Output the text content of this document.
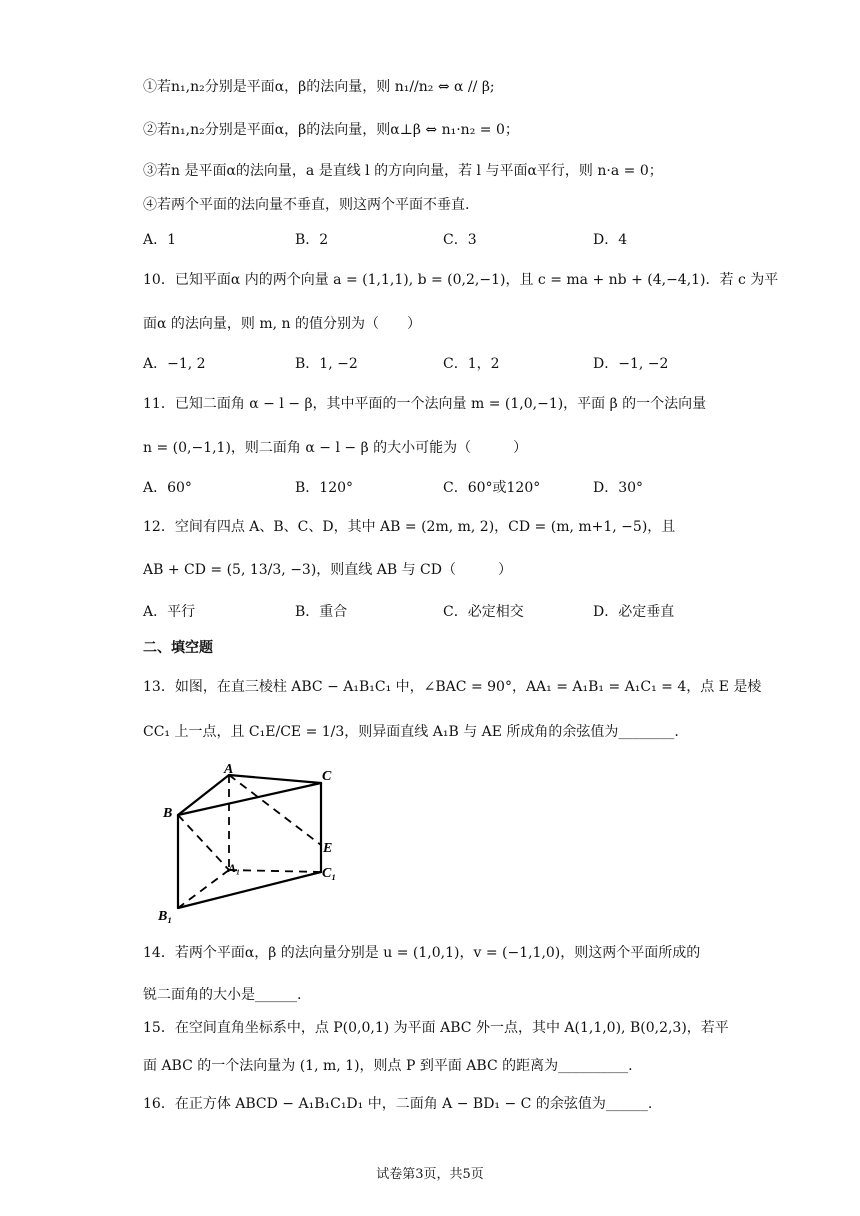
①若n₁,n₂分别是平面α，β的法向量，则 n₁//n₂ ⇔ α // β;
②若n₁,n₂分别是平面α，β的法向量，则α⊥β ⇔ n₁·n₂ = 0；
③若n 是平面α的法向量，a 是直线 l 的方向向量，若 l 与平面α平行，则 n·a = 0；
④若两个平面的法向量不垂直，则这两个平面不垂直.
A．1	B．2	C．3	D．4
10．已知平面α 内的两个向量 a = (1,1,1), b = (0,2,−1)，且 c = ma + nb + (4,−4,1)．若 c 为平
面α 的法向量，则 m, n 的值分别为（　　）
A．−1, 2	B．1, −2	C．1，2	D．−1, −2
11．已知二面角 α − l − β，其中平面的一个法向量 m = (1,0,−1)，平面 β 的一个法向量
n = (0,−1,1)，则二面角 α − l − β 的大小可能为（　　　）
A．60°	B．120°	C．60°或120°	D．30°
12．空间有四点 A、B、C、D，其中 AB = (2m, m, 2)，CD = (m, m+1, −5)，且
AB + CD = (5, 13/3, −3)，则直线 AB 与 CD（　　　）
A．平行	B．重合	C．必定相交	D．必定垂直
二、填空题
13．如图，在直三棱柱 ABC − A₁B₁C₁ 中，∠BAC = 90°，AA₁ = A₁B₁ = A₁C₁ = 4，点 E 是棱
CC₁ 上一点，且 C₁E/CE = 1/3，则异面直线 A₁B 与 AE 所成角的余弦值为________.
A
B
C
E
A₁
B₁
C₁
14．若两个平面α，β 的法向量分别是 u = (1,0,1)，v = (−1,1,0)，则这两个平面所成的
锐二面角的大小是______.
15．在空间直角坐标系中，点 P(0,0,1) 为平面 ABC 外一点，其中 A(1,1,0), B(0,2,3)，若平
面 ABC 的一个法向量为 (1, m, 1)，则点 P 到平面 ABC 的距离为__________.
16．在正方体 ABCD − A₁B₁C₁D₁ 中，二面角 A − BD₁ − C 的余弦值为______.
试卷第3页，共5页
